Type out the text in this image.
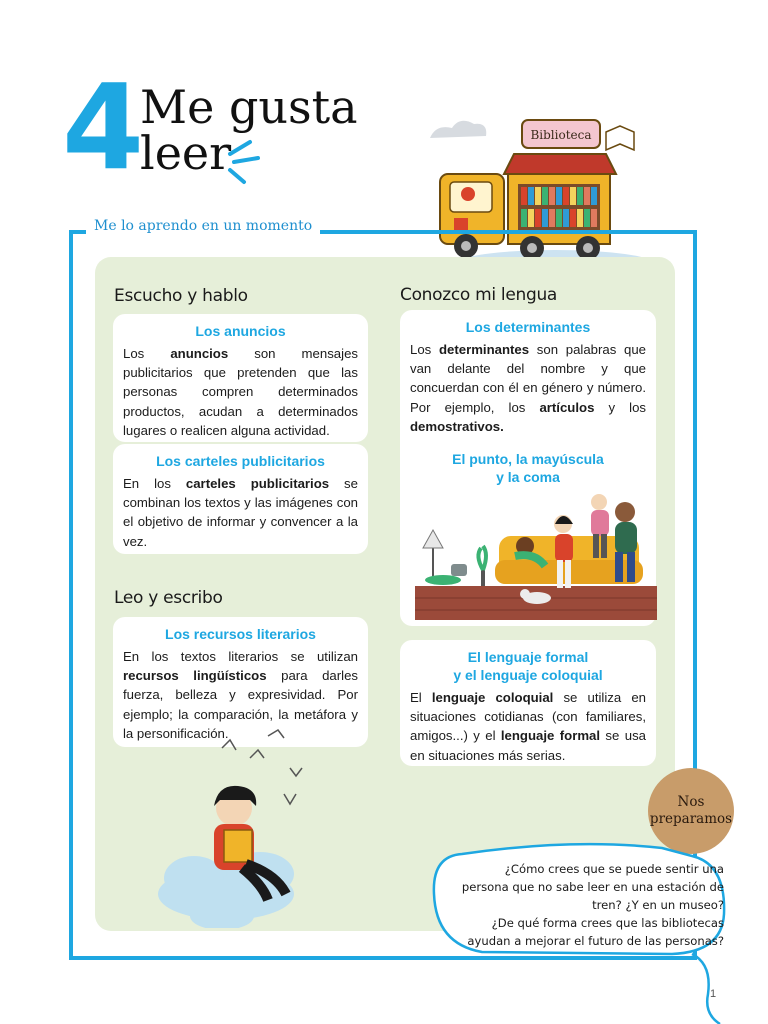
4 Me gusta
leer	Biblioteca
Me lo aprendo en un momento
Escucho y hablo	Conozco mi lengua
Leo y escribo
Los anuncios

Los anuncios son mensajes publicitarios que pretenden que las personas compren determinados productos, acudan a determinados lugares o realicen alguna actividad.

Los carteles publicitarios

En los carteles publicitarios se combinan los textos y las imágenes con el objetivo de informar y convencer a la vez.

Los recursos literarios

En los textos literarios se utilizan recursos lingüísticos para darles fuerza, belleza y expresividad. Por ejemplo; la comparación, la metáfora y la personificación.

Los determinantes

Los determinantes son palabras que van delante del nombre y que concuerdan con él en género y número. Por ejemplo, los artículos y los demostrativos.

El punto, la mayúscula
y la coma
El lenguaje formal
y el lenguaje coloquial

El lenguaje coloquial se utiliza en situaciones cotidianas (con familiares, amigos...) y el lenguaje formal se usa en situaciones más serias.

Nos
preparamos
¿Cómo crees que se puede sentir una
persona que no sabe leer en una estación de
tren? ¿Y en un museo?
¿De qué forma crees que las bibliotecas
ayudan a mejorar el futuro de las personas?
1
